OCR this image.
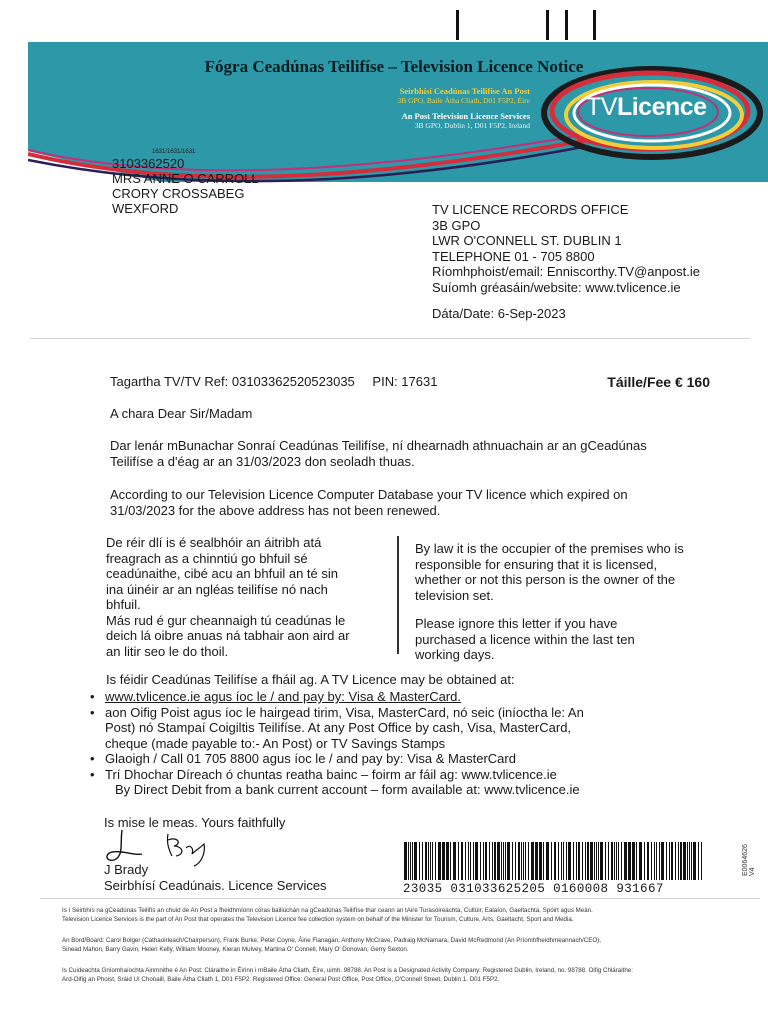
TVLicence
Fógra Ceadúnas Teilifíse – Television Licence Notice
Seirbhísí Ceadúnas Teilifíse An Post
3B GPO, Baile Átha Cliath, D01 F5P2, Éire
An Post Television Licence Services
3B GPO, Dublin 1, D01 F5P2, Ireland
1631/1631/1631
3103362520
MRS ANNE O CARROLL
CRORY CROSSABEG
WEXFORD	TV LICENCE RECORDS OFFICE
3B GPO
LWR O'CONNELL ST. DUBLIN 1
TELEPHONE 01 - 705 8800
Ríomhphoist/email: Enniscorthy.TV@anpost.ie
Suíomh gréasáin/website: www.tvlicence.ie
Dáta/Date: 6-Sep-2023
Tagartha TV/TV Ref: 03103362520523035 PIN: 17631	Táille/Fee € 160
A chara Dear Sir/Madam
Dar lenár mBunachar Sonraí Ceadúnas Teilifíse, ní dhearnadh athnuachain ar an gCeadúnas
Teilifíse a d'éag ar an 31/03/2023 don seoladh thuas.
According to our Television Licence Computer Database your TV licence which expired on
31/03/2023 for the above address has not been renewed.
De réir dlí is é sealbhóir an áitribh atá
freagrach as a chinntiú go bhfuil sé
ceadúnaithe, cibé acu an bhfuil an té sin
ina úinéir ar an ngléas teilifíse nó nach
bhfuil.
Más rud é gur cheannaigh tú ceadúnas le
deich lá oibre anuas ná tabhair aon aird ar
an litir seo le do thoil.
By law it is the occupier of the premises who is
responsible for ensuring that it is licensed,
whether or not this person is the owner of the
television set.
Please ignore this letter if you have
purchased a licence within the last ten
working days.
Is féidir Ceadúnas Teilifíse a fháil ag. A TV Licence may be obtained at:
• www.tvlicence.ie agus íoc le / and pay by: Visa & MasterCard.
• aon Oifig Poist agus íoc le hairgead tirim, Visa, MasterCard, nó seic (iníoctha le: An
Post) nó Stampaí Coigiltis Teilifíse. At any Post Office by cash, Visa, MasterCard,
cheque (made payable to:- An Post) or TV Savings Stamps
• Glaoigh / Call 01 705 8800 agus íoc le / and pay by: Visa & MasterCard
• Trí Dhochar Díreach ó chuntas reatha bainc – foirm ar fáil ag: www.tvlicence.ie
By Direct Debit from a bank current account – form available at: www.tvlicence.ie
Is mise le meas. Yours faithfully
J Brady
Seirbhísí Ceadúnais. Licence Services	23035 031033625205 0160008 931667
E0064626 V4
Is í Seirbhís na gCeadúnas Teilifís an chuid de An Post a fheidhmíonn córas bailiúchán na gCeadúnas Teilifíse thar ceann an tAire Turasóireachta, Cultúir, Ealaíon, Gaeltachta, Spóirt agus Meán.
Television Licence Services is the part of An Post that operates the Television Licence fee collection system on behalf of the Minister for Tourism, Culture, Arts, Gaeltacht, Sport and Media.
An Bord/Board: Carol Bolger (Cathaoirleach/Chairperson), Frank Burke, Peter Coyne, Áine Flanagan, Anthony McCrave, Padraig McNamara, David McRedmond (An Príomhfheidhmeannach/CEO),
Sinead Mahon, Barry Gavin, Helen Kelly, William Mooney, Kieran Mulvey, Martina O' Connell, Mary O' Donovan, Gerry Sexton.
Is Cuideachta Gníomhaíochta Ainmnithe é An Post: Cláraithe in Éirinn i mBaile Átha Cliath, Éire, uimh. 98788. An Post is a Designated Activity Company: Registered Dublin, Ireland, no. 98788. Oifig Chláraithe:
Ard-Oifig an Phoist, Sráid Uí Chonaill, Baile Átha Cliath 1, D01 F5P2. Registered Office: General Post Office, Post Office, O'Connell Street, Dublin 1. D01 F5P2.
